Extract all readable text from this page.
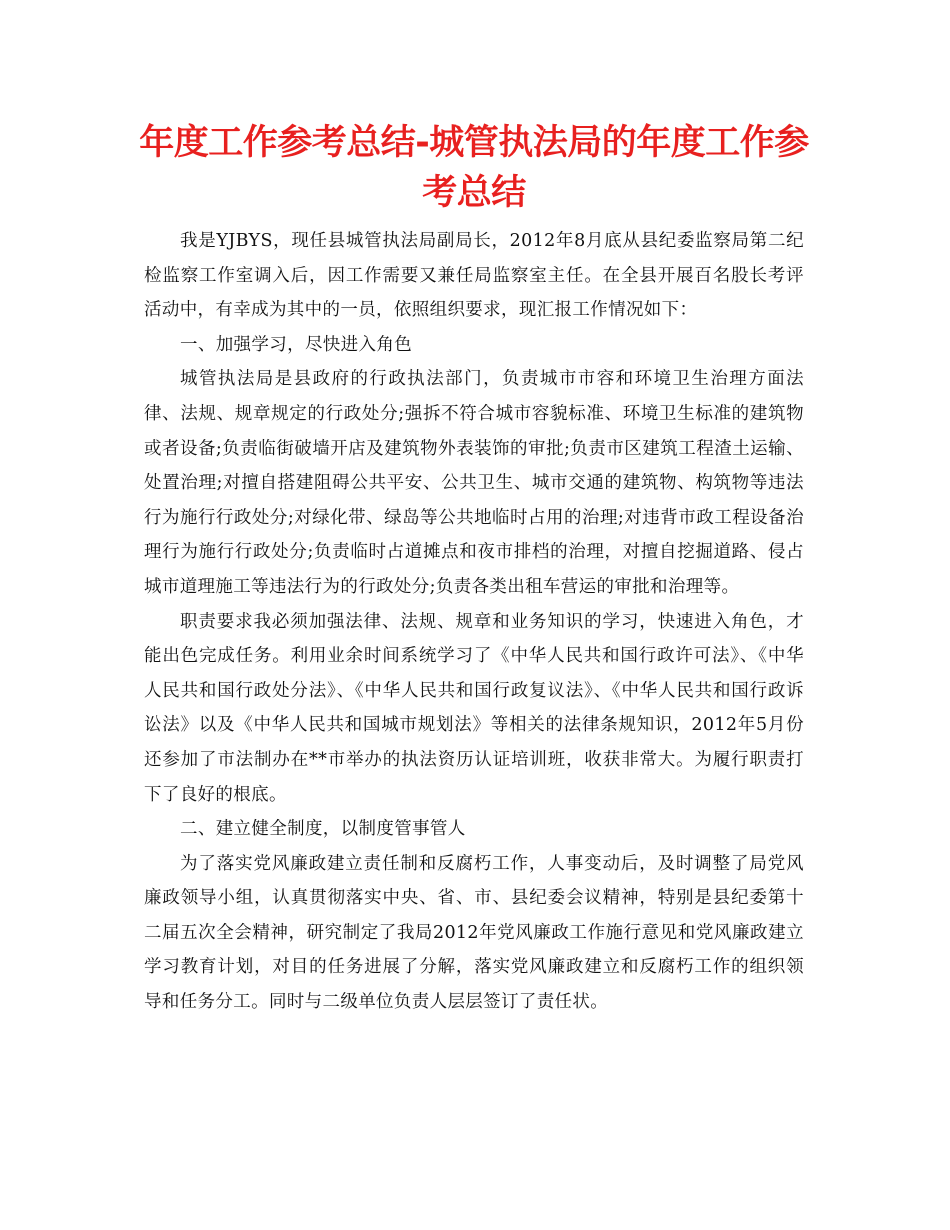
年度工作参考总结-城管执法局的年度工作参考总结

我是YJBYS，现任县城管执法局副局长，2012年8月底从县纪委监察局第二纪检监察工作室调入后，因工作需要又兼任局监察室主任。在全县开展百名股长考评活动中，有幸成为其中的一员，依照组织要求，现汇报工作情况如下：

一、加强学习，尽快进入角色

城管执法局是县政府的行政执法部门，负责城市市容和环境卫生治理方面法律、法规、规章规定的行政处分;强拆不符合城市容貌标准、环境卫生标准的建筑物或者设备;负责临街破墙开店及建筑物外表装饰的审批;负责市区建筑工程渣土运输、处置治理;对擅自搭建阻碍公共平安、公共卫生、城市交通的建筑物、构筑物等违法行为施行行政处分;对绿化带、绿岛等公共地临时占用的治理;对违背市政工程设备治理行为施行行政处分;负责临时占道摊点和夜市排档的治理，对擅自挖掘道路、侵占城市道理施工等违法行为的行政处分;负责各类出租车营运的审批和治理等。

职责要求我必须加强法律、法规、规章和业务知识的学习，快速进入角色，才能出色完成任务。利用业余时间系统学习了《中华人民共和国行政许可法》、《中华人民共和国行政处分法》、《中华人民共和国行政复议法》、《中华人民共和国行政诉讼法》以及《中华人民共和国城市规划法》等相关的法律条规知识，2012年5月份还参加了市法制办在**市举办的执法资历认证培训班，收获非常大。为履行职责打下了良好的根底。

二、建立健全制度，以制度管事管人

为了落实党风廉政建立责任制和反腐朽工作，人事变动后，及时调整了局党风廉政领导小组，认真贯彻落实中央、省、市、县纪委会议精神，特别是县纪委第十二届五次全会精神，研究制定了我局2012年党风廉政工作施行意见和党风廉政建立学习教育计划，对目的任务进展了分解，落实党风廉政建立和反腐朽工作的组织领导和任务分工。同时与二级单位负责人层层签订了责任状。
